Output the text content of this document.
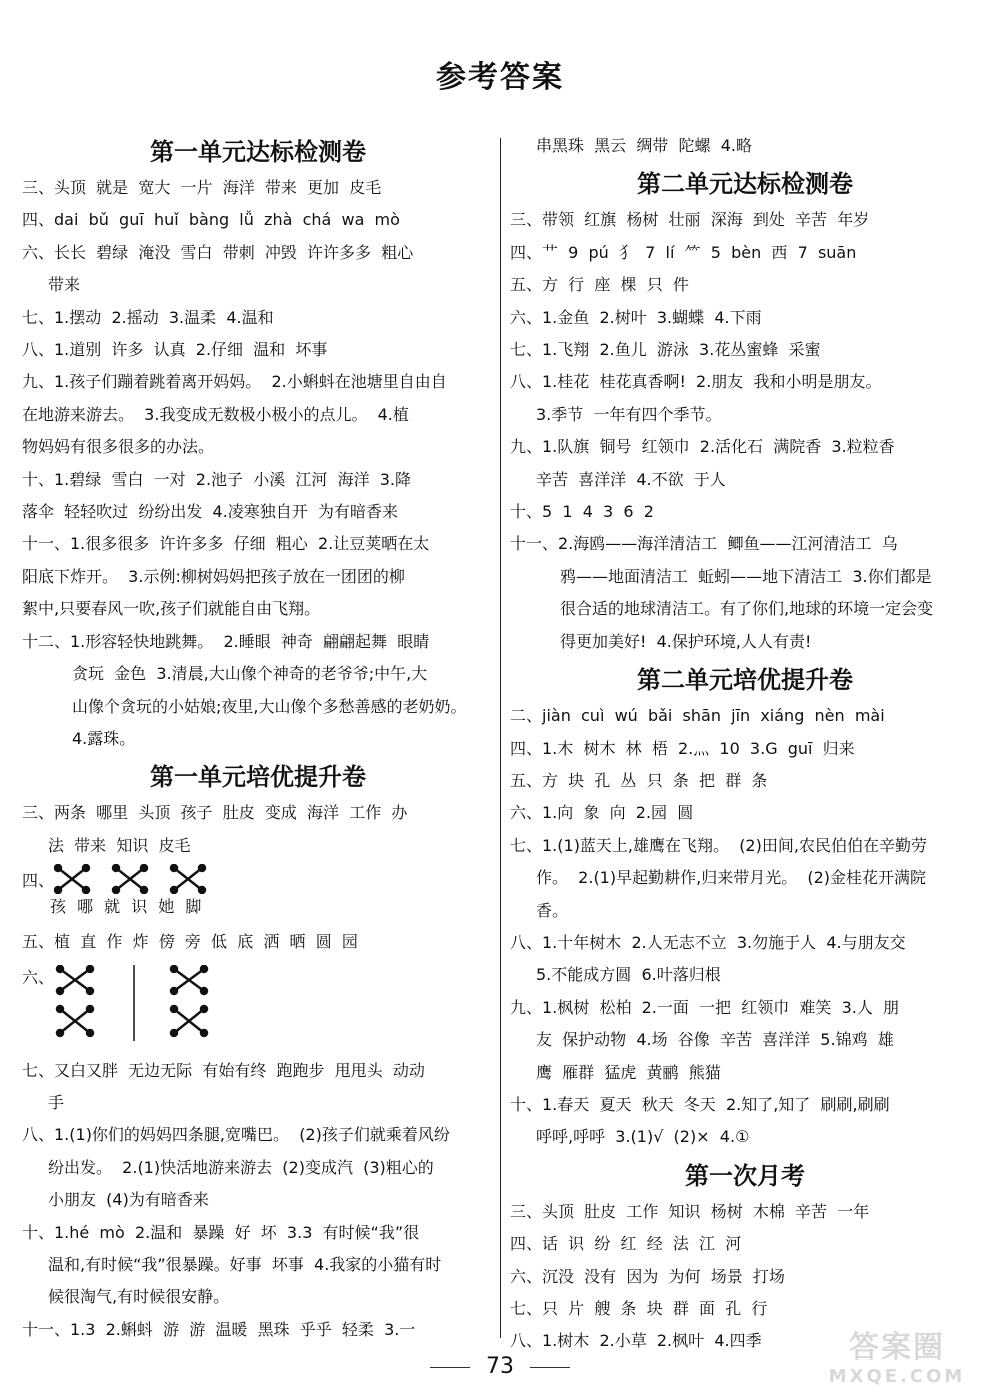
参考答案
第一单元达标检测卷
三、头顶  就是  宽大  一片  海洋  带来  更加  皮毛
四、dai  bǔ  guī  huǐ  bàng  lǚ  zhà  chá  wa  mò
六、长长  碧绿  淹没  雪白  带刺  冲毁  许许多多  粗心
带来
七、1.摆动  2.摇动  3.温柔  4.温和
八、1.道别  许多  认真  2.仔细  温和  坏事
九、1.孩子们蹦着跳着离开妈妈。  2.小蝌蚪在池塘里自由自
在地游来游去。  3.我变成无数极小极小的点儿。  4.植
物妈妈有很多很多的办法。
十、1.碧绿  雪白  一对  2.池子  小溪  江河  海洋  3.降
落伞  轻轻吹过  纷纷出发  4.凌寒独自开  为有暗香来
十一、1.很多很多  许许多多  仔细  粗心  2.让豆荚晒在太
阳底下炸开。  3.示例:柳树妈妈把孩子放在一团团的柳
絮中,只要春风一吹,孩子们就能自由飞翔。
十二、1.形容轻快地跳舞。  2.睡眼  神奇  翩翩起舞  眼睛
贪玩  金色  3.清晨,大山像个神奇的老爷爷;中午,大
山像个贪玩的小姑娘;夜里,大山像个多愁善感的老奶奶。
4.露珠。
第一单元培优提升卷
三、两条  哪里  头顶  孩子  肚皮  变成  海洋  工作  办
法  带来  知识  皮毛
四、
孩 哪 就 识 她 脚
五、植  直  作  炸  傍  旁  低  底  洒  晒  圆  园
六、
七、又白又胖  无边无际  有始有终  跑跑步  甩甩头  动动
手
八、1.(1)你们的妈妈四条腿,宽嘴巴。  (2)孩子们就乘着风纷
纷出发。  2.(1)快活地游来游去  (2)变成汽  (3)粗心的
小朋友  (4)为有暗香来
十、1.hé  mò  2.温和  暴躁  好  坏  3.3  有时候“我”很
温和,有时候“我”很暴躁。好事  坏事  4.我家的小猫有时
候很淘气,有时候很安静。
十一、1.3  2.蝌蚪  游  游  温暖  黑珠  乎乎  轻柔  3.一
串黑珠  黑云  绸带  陀螺  4.略
第二单元达标检测卷
三、带领  红旗  杨树  壮丽  深海  到处  辛苦  年岁
四、艹  9  pú  犭  7  lí  ⺮  5  bèn  西  7  suān
五、方  行  座  棵  只  件
六、1.金鱼  2.树叶  3.蝴蝶  4.下雨
七、1.飞翔  2.鱼儿  游泳  3.花丛蜜蜂  采蜜
八、1.桂花  桂花真香啊!  2.朋友  我和小明是朋友。
3.季节  一年有四个季节。
九、1.队旗  铜号  红领巾  2.活化石  满院香  3.粒粒香
辛苦  喜洋洋  4.不欲  于人
十、5  1  4  3  6  2
十一、2.海鸥——海洋清洁工  鲫鱼——江河清洁工  乌
鸦——地面清洁工  蚯蚓——地下清洁工  3.你们都是
很合适的地球清洁工。有了你们,地球的环境一定会变
得更加美好!  4.保护环境,人人有责!
第二单元培优提升卷
二、jiàn  cuì  wú  bǎi  shān  jīn  xiáng  nèn  mài
四、1.木  树木  林  梧  2.灬  10  3.G  guī  归来
五、方  块  孔  丛  只  条  把  群  条
六、1.向  象  向  2.园  圆
七、1.(1)蓝天上,雄鹰在飞翔。  (2)田间,农民伯伯在辛勤劳
作。  2.(1)早起勤耕作,归来带月光。  (2)金桂花开满院
香。
八、1.十年树木  2.人无志不立  3.勿施于人  4.与朋友交
5.不能成方圆  6.叶落归根
九、1.枫树  松柏  2.一面  一把  红领巾  难笑  3.人  朋
友  保护动物  4.场  谷像  辛苦  喜洋洋  5.锦鸡  雄
鹰  雁群  猛虎  黄鹂  熊猫
十、1.春天  夏天  秋天  冬天  2.知了,知了  刷刷,刷刷
呼呼,呼呼  3.(1)√  (2)×  4.①
第一次月考
三、头顶  肚皮  工作  知识  杨树  木棉  辛苦  一年
四、话  识  纷  红  经  法  江  河
六、沉没  没有  因为  为何  场景  打场
七、只  片  艘  条  块  群  面  孔  行
八、1.树木  2.小草  2.枫叶  4.四季
73
答案圈
MXQE.COM
